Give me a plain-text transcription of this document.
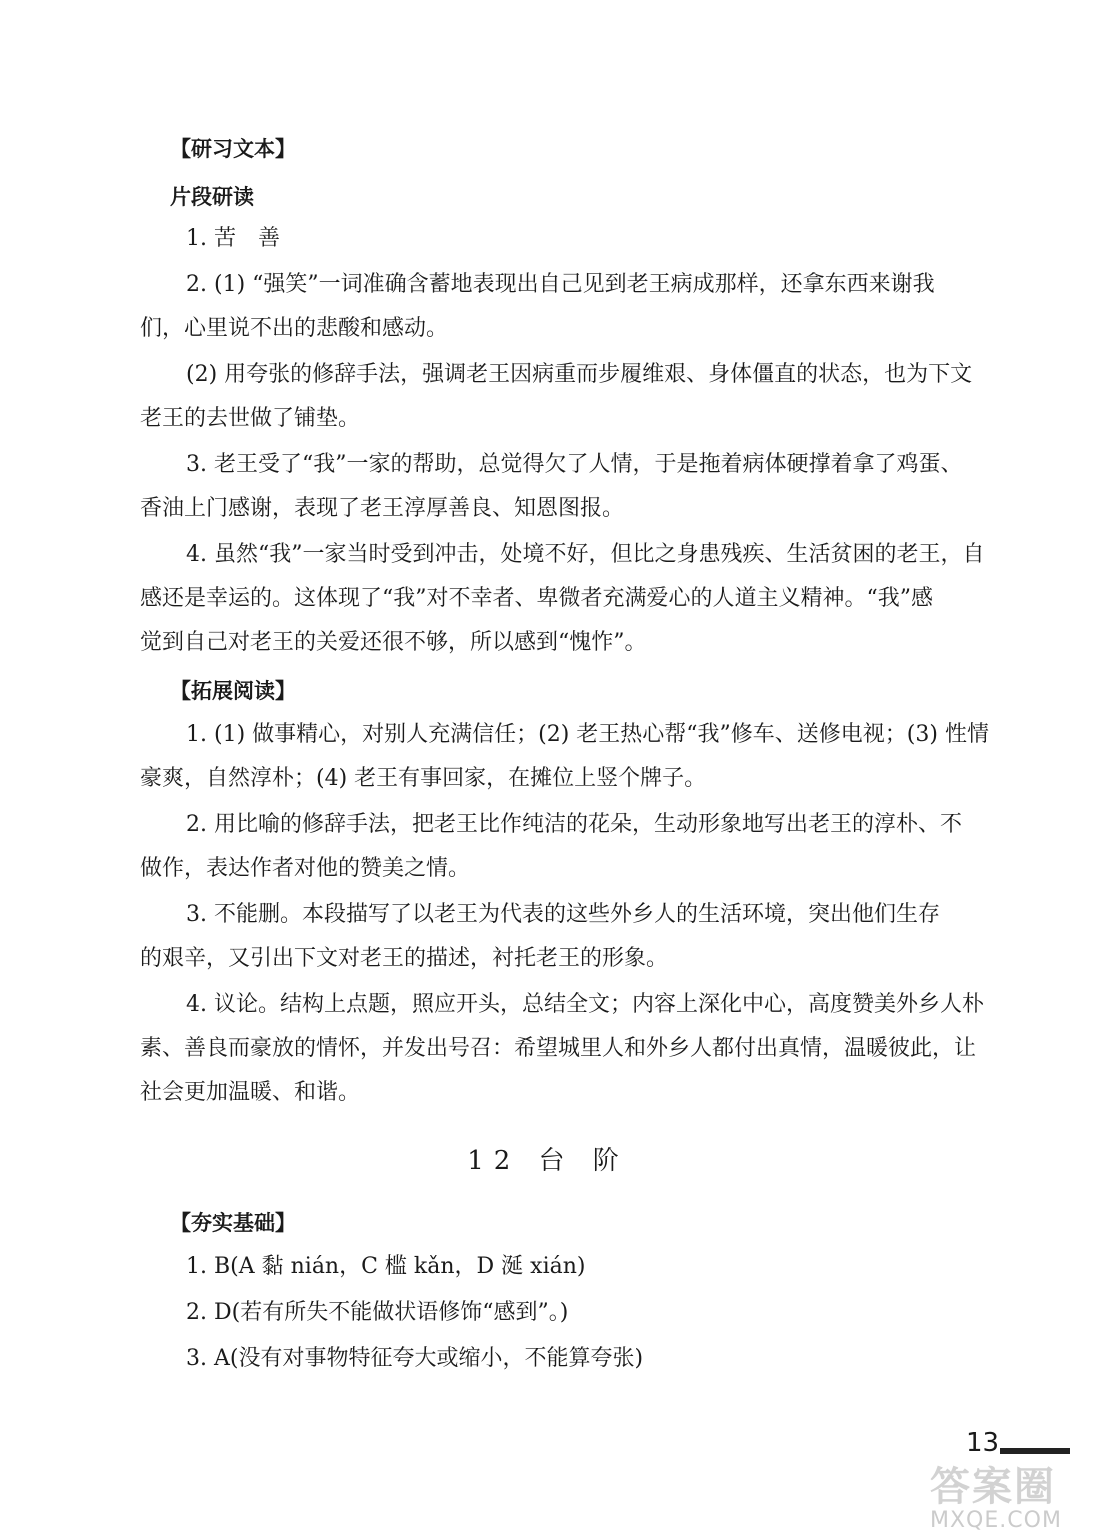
【研习文本】
片段研读
1. 苦　善
2. (1) “强笑”一词准确含蓄地表现出自己见到老王病成那样，还拿东西来谢我
们，心里说不出的悲酸和感动。
(2) 用夸张的修辞手法，强调老王因病重而步履维艰、身体僵直的状态，也为下文
老王的去世做了铺垫。
3. 老王受了“我”一家的帮助，总觉得欠了人情，于是拖着病体硬撑着拿了鸡蛋、
香油上门感谢，表现了老王淳厚善良、知恩图报。
4. 虽然“我”一家当时受到冲击，处境不好，但比之身患残疾、生活贫困的老王，自
感还是幸运的。这体现了“我”对不幸者、卑微者充满爱心的人道主义精神。“我”感
觉到自己对老王的关爱还很不够，所以感到“愧怍”。
【拓展阅读】
1. (1) 做事精心，对别人充满信任；(2) 老王热心帮“我”修车、送修电视；(3) 性情
豪爽，自然淳朴；(4) 老王有事回家，在摊位上竖个牌子。
2. 用比喻的修辞手法，把老王比作纯洁的花朵，生动形象地写出老王的淳朴、不
做作，表达作者对他的赞美之情。
3. 不能删。本段描写了以老王为代表的这些外乡人的生活环境，突出他们生存
的艰辛，又引出下文对老王的描述，衬托老王的形象。
4. 议论。结构上点题，照应开头，总结全文；内容上深化中心，高度赞美外乡人朴
素、善良而豪放的情怀，并发出号召：希望城里人和外乡人都付出真情，温暖彼此，让
社会更加温暖、和谐。
12 台 阶
【夯实基础】
1. B(A 黏 nián，C 槛 kǎn，D 涎 xián)
2. D(若有所失不能做状语修饰“感到”。)
3. A(没有对事物特征夸大或缩小，不能算夸张)
13
答案圈
MXQE.COM
